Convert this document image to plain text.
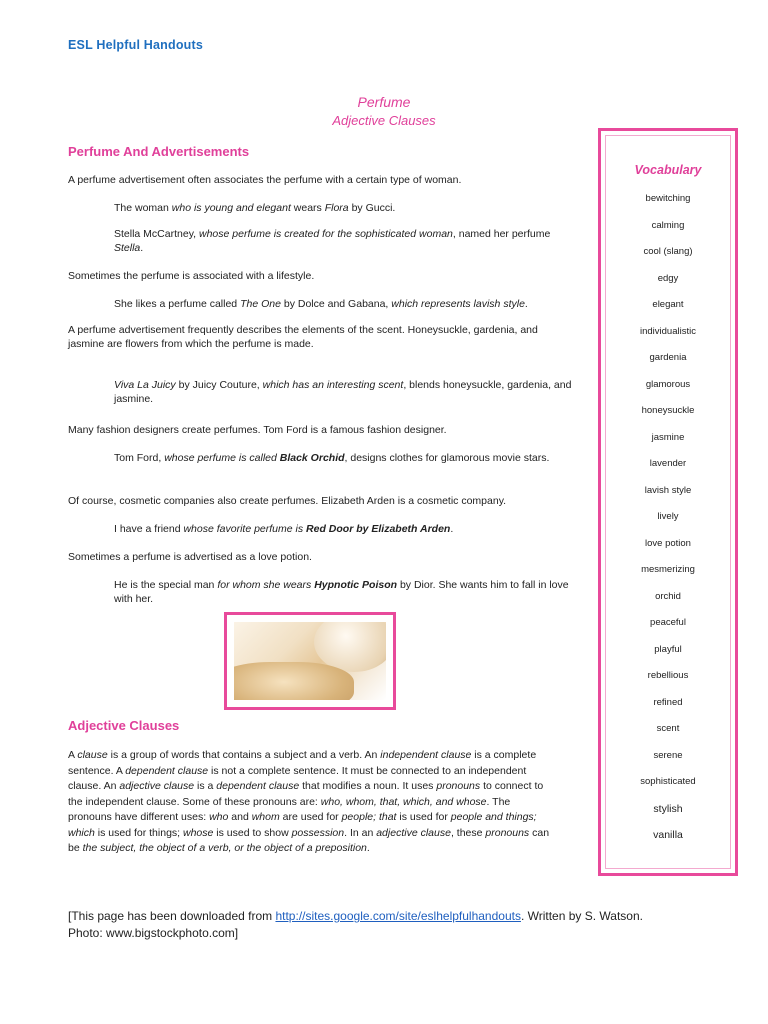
ESL Helpful Handouts
Perfume
Adjective Clauses
Perfume And Advertisements
A perfume advertisement often associates the perfume with a certain type of woman.
The woman who is young and elegant wears Flora by Gucci.
Stella McCartney, whose perfume is created for the sophisticated woman, named her perfume Stella.
Sometimes the perfume is associated with a lifestyle.
She likes a perfume called The One by Dolce and Gabana, which represents lavish style.
A perfume advertisement frequently describes the elements of the scent. Honeysuckle, gardenia, and jasmine are flowers from which the perfume is made.
Viva La Juicy by Juicy Couture, which has an interesting scent, blends honeysuckle, gardenia, and jasmine.
Many fashion designers create perfumes. Tom Ford is a famous fashion designer.
Tom Ford, whose perfume is called Black Orchid, designs clothes for glamorous movie stars.
Of course, cosmetic companies also create perfumes. Elizabeth Arden is a cosmetic company.
I have a friend whose favorite perfume is Red Door by Elizabeth Arden.
Sometimes a perfume is advertised as a love potion.
He is the special man for whom she wears Hypnotic Poison by Dior. She wants him to fall in love with her.
Adjective Clauses
A clause is a group of words that contains a subject and a verb. An independent clause is a complete sentence. A dependent clause is not a complete sentence. It must be connected to an independent clause. An adjective clause is a dependent clause that modifies a noun. It uses pronouns to connect to the independent clause. Some of these pronouns are: who, whom, that, which, and whose. The pronouns have different uses: who and whom are used for people; that is used for people and things; which is used for things; whose is used to show possession. In an adjective clause, these pronouns can be the subject, the object of a verb, or the object of a preposition.
Vocabulary
bewitching
calming
cool (slang)
edgy
elegant
individualistic
gardenia
glamorous
honeysuckle
jasmine
lavender
lavish style
lively
love potion
mesmerizing
orchid
peaceful
playful
rebellious
refined
scent
serene
sophisticated
stylish
vanilla
[This page has been downloaded from http://sites.google.com/site/eslhelpfulhandouts. Written by S. Watson.
Photo: www.bigstockphoto.com]
